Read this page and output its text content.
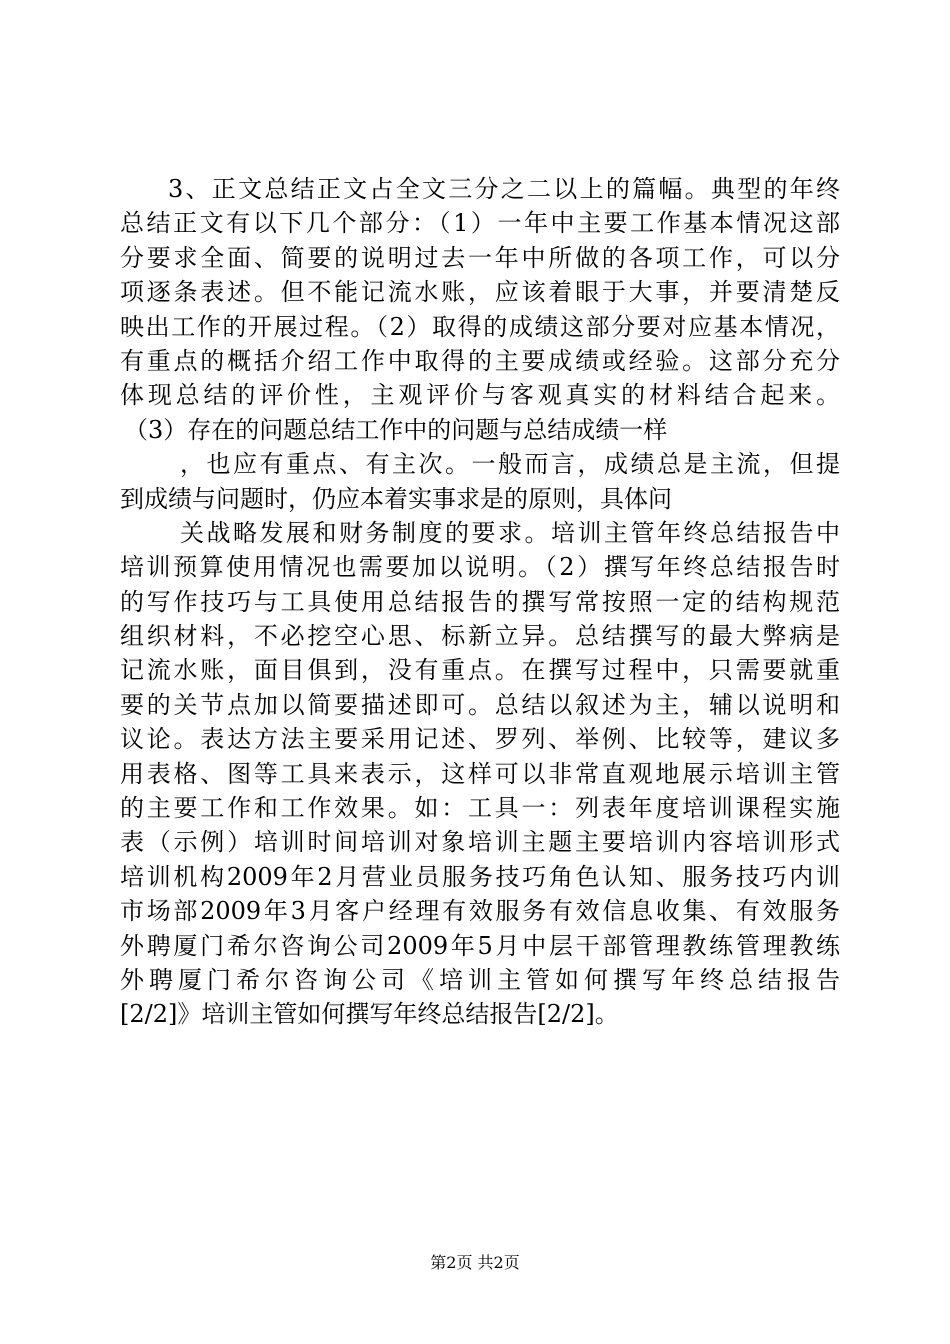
3、正文总结正文占全文三分之二以上的篇幅。典型的年终
总结正文有以下几个部分：（1）一年中主要工作基本情况这部
分要求全面、简要的说明过去一年中所做的各项工作，可以分
项逐条表述。但不能记流水账，应该着眼于大事，并要清楚反
映出工作的开展过程。（2）取得的成绩这部分要对应基本情况，
有重点的概括介绍工作中取得的主要成绩或经验。这部分充分
体现总结的评价性，主观评价与客观真实的材料结合起来。
（3）存在的问题总结工作中的问题与总结成绩一样
，也应有重点、有主次。一般而言，成绩总是主流，但提
到成绩与问题时，仍应本着实事求是的原则，具体问
关战略发展和财务制度的要求。培训主管年终总结报告中
培训预算使用情况也需要加以说明。（2）撰写年终总结报告时
的写作技巧与工具使用总结报告的撰写常按照一定的结构规范
组织材料，不必挖空心思、标新立异。总结撰写的最大弊病是
记流水账，面目俱到，没有重点。在撰写过程中，只需要就重
要的关节点加以简要描述即可。总结以叙述为主，辅以说明和
议论。表达方法主要采用记述、罗列、举例、比较等，建议多
用表格、图等工具来表示，这样可以非常直观地展示培训主管
的主要工作和工作效果。如：工具一：列表年度培训课程实施
表（示例）培训时间培训对象培训主题主要培训内容培训形式
培训机构2009年2月营业员服务技巧角色认知、服务技巧内训
市场部2009年3月客户经理有效服务有效信息收集、有效服务
外聘厦门希尔咨询公司2009年5月中层干部管理教练管理教练
外聘厦门希尔咨询公司《培训主管如何撰写年终总结报告
[2/2]》培训主管如何撰写年终总结报告[2/2]。
第2页 共2页
